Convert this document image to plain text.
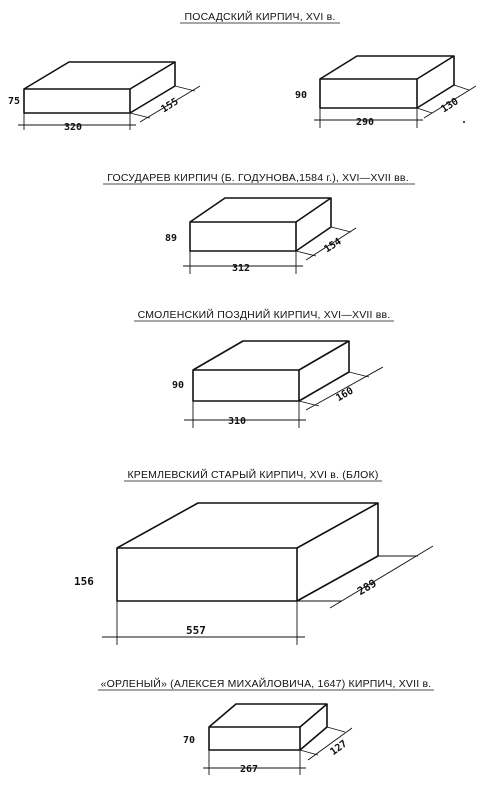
ПОСАДСКИЙ КИРПИЧ, XVI в.
ГОСУДАРЕВ КИРПИЧ (Б. ГОДУНОВА,1584 г.), XVI—XVII вв.
СМОЛЕНСКИЙ ПОЗДНИЙ КИРПИЧ, XVI—XVII вв.
КРЕМЛЕВСКИЙ СТАРЫЙ КИРПИЧ, XVI в. (БЛОК)
«ОРЛЕНЫЙ» (АЛЕКСЕЯ МИХАЙЛОВИЧА, 1647) КИРПИЧ, XVII в.
75
320
155
90
290
130
89
312
154
90
310
160
156
557
289
70
267
127
